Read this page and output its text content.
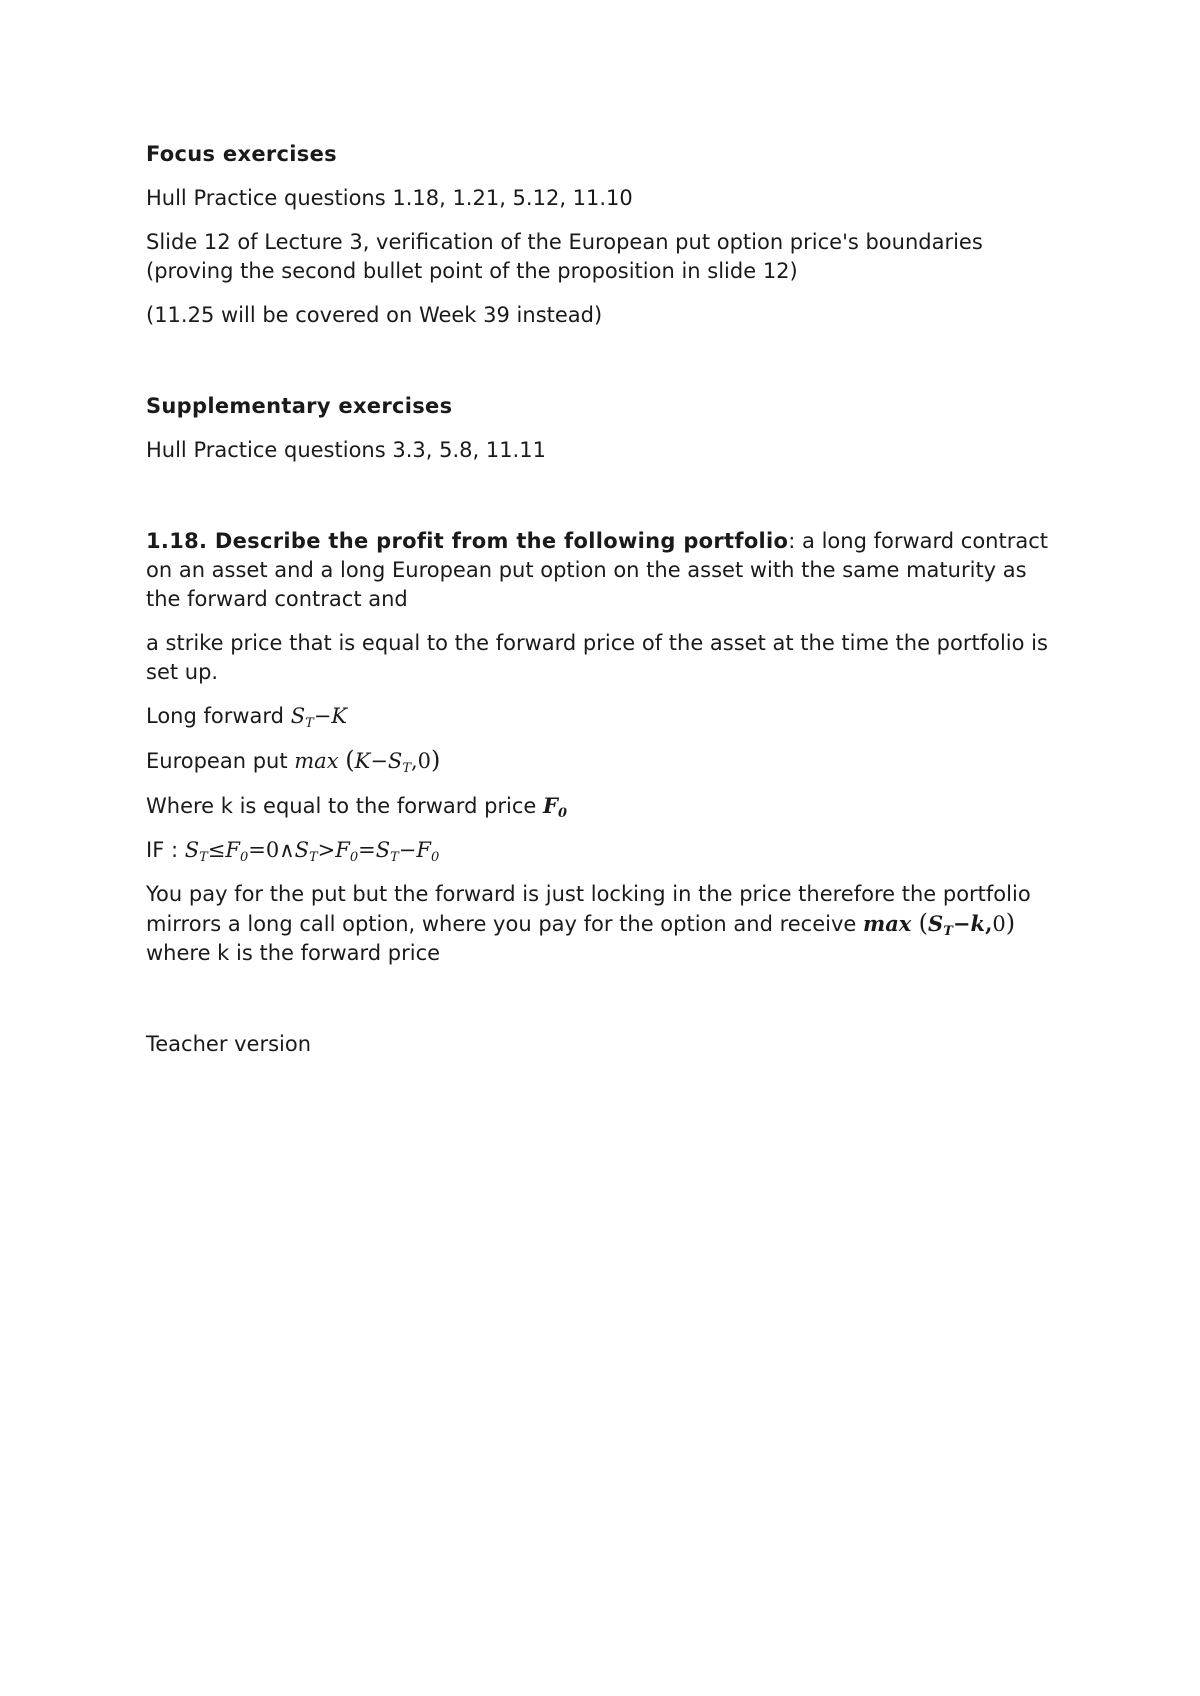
Focus exercises

Hull Practice questions 1.18, 1.21, 5.12, 11.10

Slide 12 of Lecture 3, verification of the European put option price's boundaries (proving the second bullet point of the proposition in slide 12)

(11.25 will be covered on Week 39 instead)

Supplementary exercises

Hull Practice questions 3.3, 5.8, 11.11

1.18. Describe the profit from the following portfolio: a long forward contract on an asset and a long European put option on the asset with the same maturity as the forward contract and

a strike price that is equal to the forward price of the asset at the time the portfolio is set up.

Long forward $S_T-K$

European put $\max (K-S_T,0)$

Where k is equal to the forward price $F_0$

IF : $S_T\le F_0=0\wedge S_T>F_0=S_T-F_0$

You pay for the put but the forward is just locking in the price therefore the portfolio mirrors a long call option, where you pay for the option and receive $\max (S_T-k,0)$ where k is the forward price

Teacher version
